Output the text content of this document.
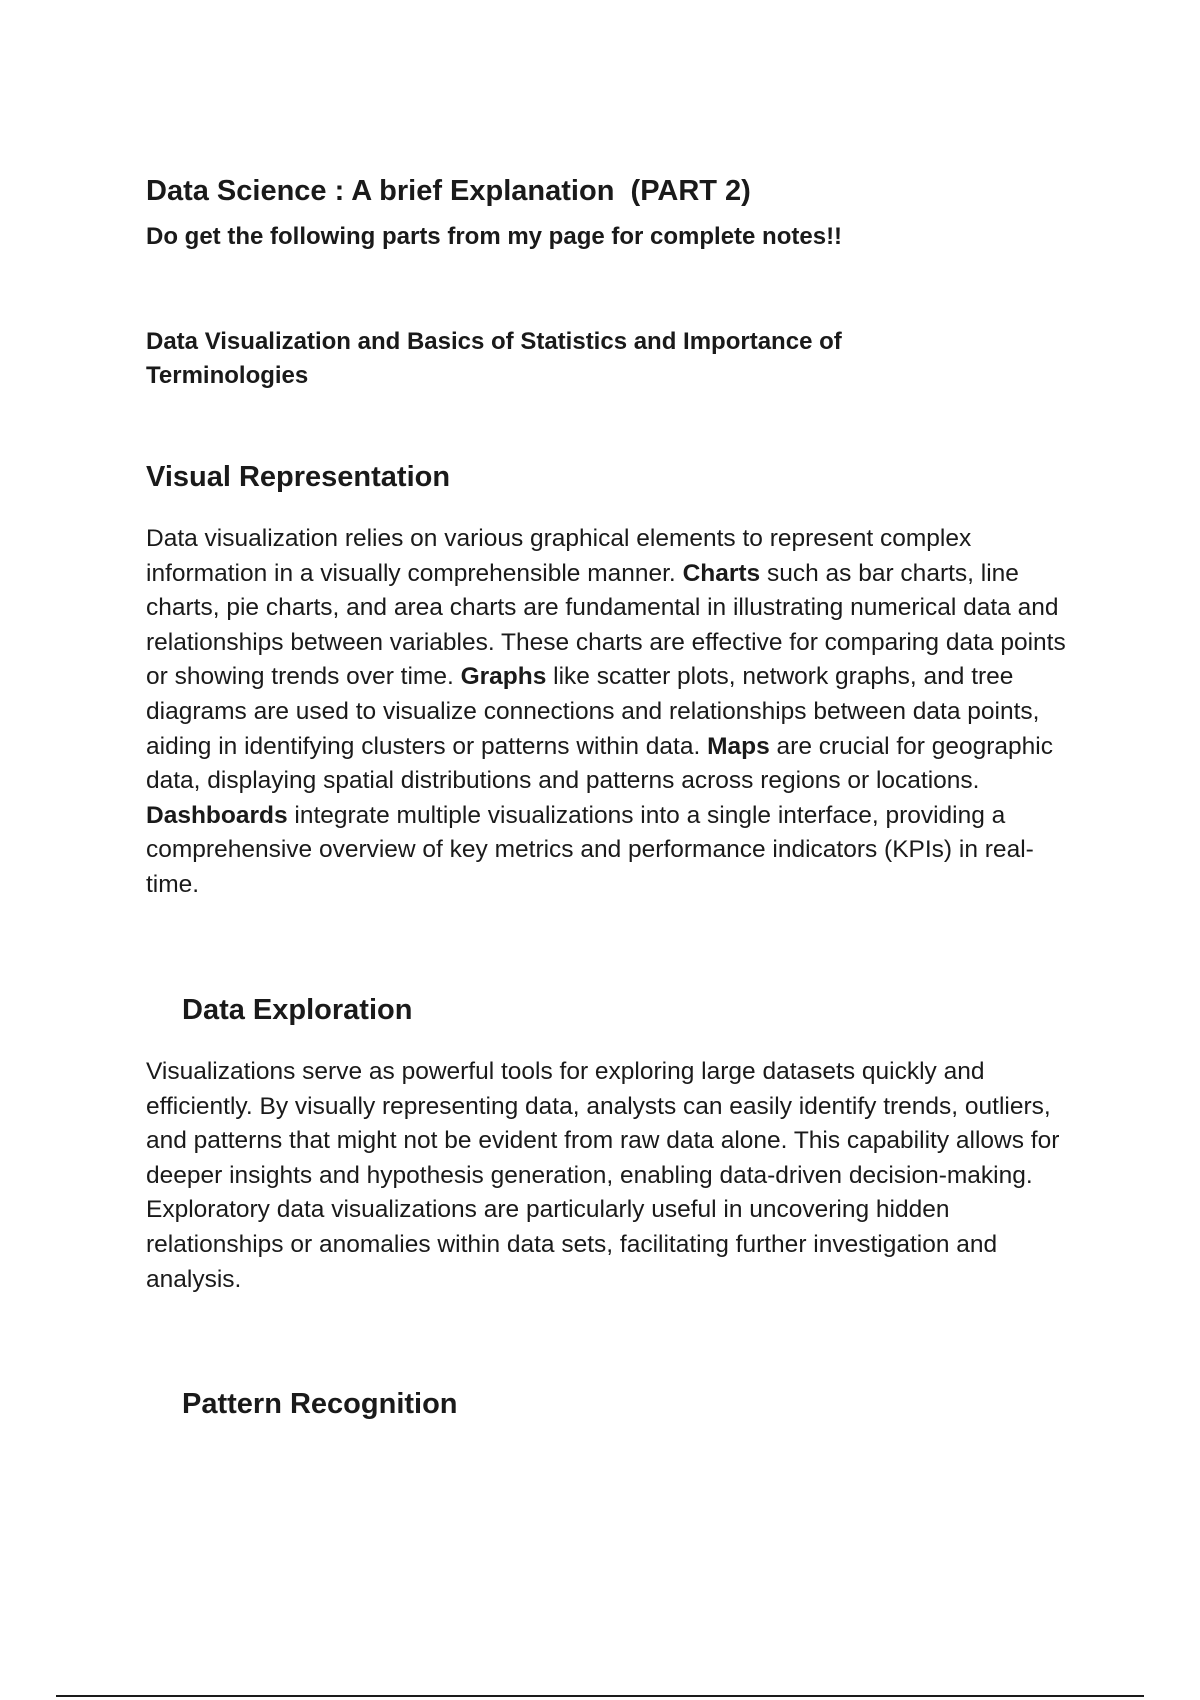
Data Science : A brief Explanation  (PART 2)

Do get the following parts from my page for complete notes!!

Data Visualization and Basics of Statistics and Importance of Terminologies

Visual Representation

Data visualization relies on various graphical elements to represent complex information in a visually comprehensible manner. Charts such as bar charts, line charts, pie charts, and area charts are fundamental in illustrating numerical data and relationships between variables. These charts are effective for comparing data points or showing trends over time. Graphs like scatter plots, network graphs, and tree diagrams are used to visualize connections and relationships between data points, aiding in identifying clusters or patterns within data. Maps are crucial for geographic data, displaying spatial distributions and patterns across regions or locations. Dashboards integrate multiple visualizations into a single interface, providing a comprehensive overview of key metrics and performance indicators (KPIs) in real-time.

Data Exploration

Visualizations serve as powerful tools for exploring large datasets quickly and efficiently. By visually representing data, analysts can easily identify trends, outliers, and patterns that might not be evident from raw data alone. This capability allows for deeper insights and hypothesis generation, enabling data-driven decision-making. Exploratory data visualizations are particularly useful in uncovering hidden relationships or anomalies within data sets, facilitating further investigation and analysis.

Pattern Recognition
